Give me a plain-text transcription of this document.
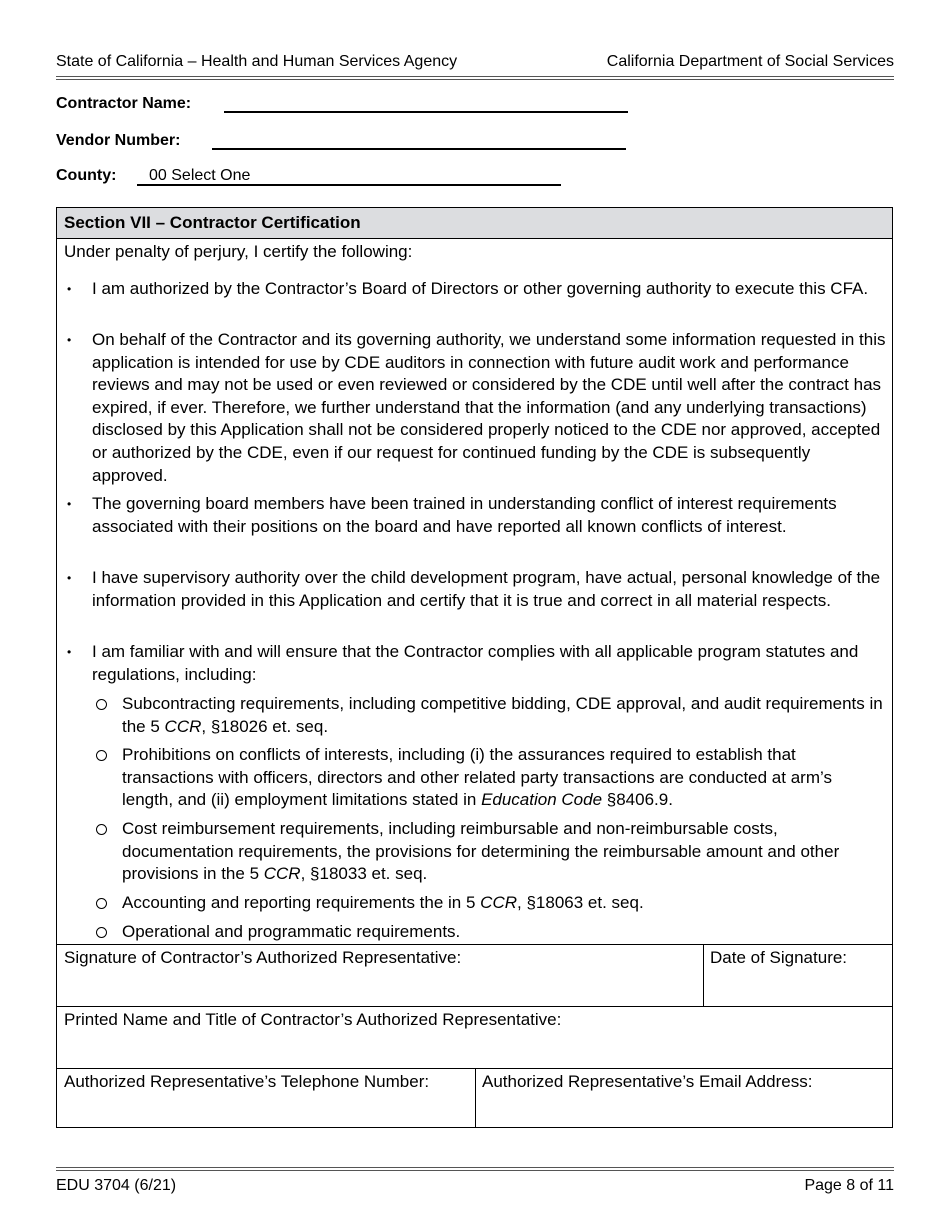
State of California – Health and Human Services Agency	California Department of Social Services
Contractor Name:
Vendor Number:
County: 00 Select One
Section VII – Contractor Certification
Under penalty of perjury, I certify the following:
• I am authorized by the Contractor’s Board of Directors or other governing authority to execute this CFA.
• On behalf of the Contractor and its governing authority, we understand some information requested in this application is intended for use by CDE auditors in connection with future audit work and performance reviews and may not be used or even reviewed or considered by the CDE until well after the contract has expired, if ever. Therefore, we further understand that the information (and any underlying transactions) disclosed by this Application shall not be considered properly noticed to the CDE nor approved, accepted or authorized by the CDE, even if our request for continued funding by the CDE is subsequently approved.
• The governing board members have been trained in understanding conflict of interest requirements associated with their positions on the board and have reported all known conflicts of interest.
• I have supervisory authority over the child development program, have actual, personal knowledge of the information provided in this Application and certify that it is true and correct in all material respects.
• I am familiar with and will ensure that the Contractor complies with all applicable program statutes and regulations, including:
Subcontracting requirements, including competitive bidding, CDE approval, and audit requirements in the 5 CCR, §18026 et. seq.
Prohibitions on conflicts of interests, including (i) the assurances required to establish that transactions with officers, directors and other related party transactions are conducted at arm’s length, and (ii) employment limitations stated in Education Code §8406.9.
Cost reimbursement requirements, including reimbursable and non-reimbursable costs, documentation requirements, the provisions for determining the reimbursable amount and other provisions in the 5 CCR, §18033 et. seq.
Accounting and reporting requirements the in 5 CCR, §18063 et. seq.
Operational and programmatic requirements.
Signature of Contractor’s Authorized Representative:	Date of Signature:
Printed Name and Title of Contractor’s Authorized Representative:
Authorized Representative’s Telephone Number:	Authorized Representative’s Email Address:
EDU 3704 (6/21)	Page 8 of 11
